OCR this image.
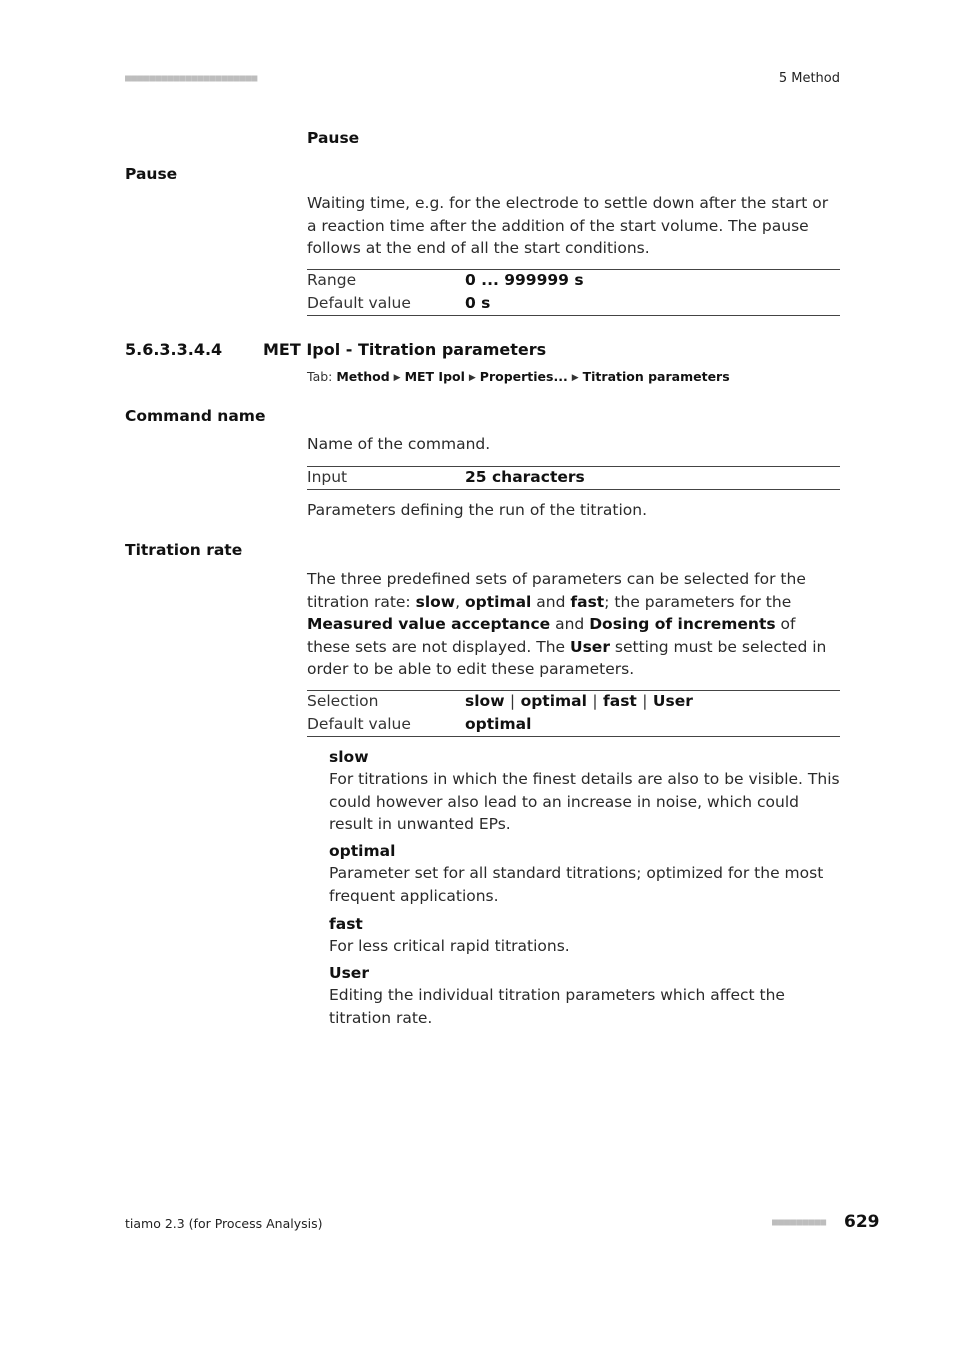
■■■■■■■■■■■■■■■■■■■■■■	5 Method
Pause
Pause
Waiting time, e.g. for the electrode to settle down after the start or a reaction time after the addition of the start volume. The pause follows at the end of all the start conditions.
Range	0 ... 999999 s
Default value	0 s
5.6.3.3.4.4	MET Ipol - Titration parameters
Tab: Method ▶ MET Ipol ▶ Properties... ▶ Titration parameters
Command name
Name of the command.
Input	25 characters
Parameters defining the run of the titration.
Titration rate
The three predefined sets of parameters can be selected for the titration rate: slow, optimal and fast; the parameters for the Measured value acceptance and Dosing of increments of these sets are not displayed. The User setting must be selected in order to be able to edit these parameters.
Selection	slow | optimal | fast | User
Default value	optimal
slow
For titrations in which the finest details are also to be visible. This could however also lead to an increase in noise, which could result in unwanted EPs.
optimal
Parameter set for all standard titrations; optimized for the most frequent applications.
fast
For less critical rapid titrations.
User
Editing the individual titration parameters which affect the titration rate.
tiamo 2.3 (for Process Analysis)	■■■■■■■■■ 629
